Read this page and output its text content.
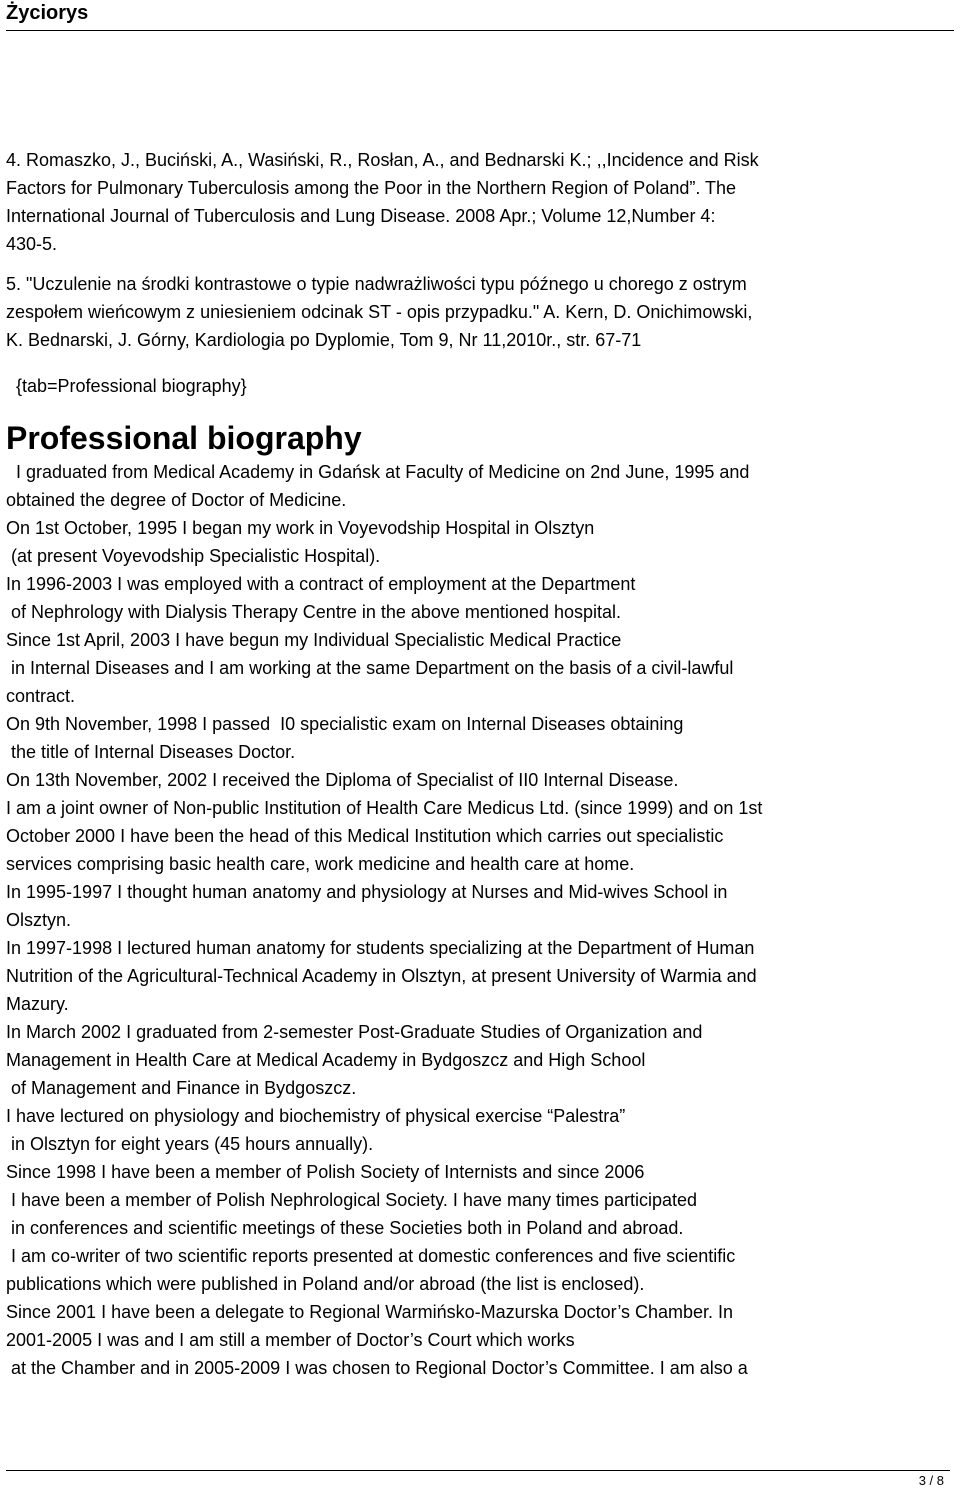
Życiorys
4. Romaszko, J., Buciński, A., Wasiński, R., Rosłan, A., and Bednarski K.; ,,Incidence and Risk
Factors for Pulmonary Tuberculosis among the Poor in the Northern Region of Poland”. The
International Journal of Tuberculosis and Lung Disease. 2008 Apr.; Volume 12,Number 4:
430-5.
5. "Uczulenie na środki kontrastowe o typie nadwrażliwości typu późnego u chorego z ostrym
zespołem wieńcowym z uniesieniem odcinak ST - opis przypadku." A. Kern, D. Onichimowski,
K. Bednarski, J. Górny, Kardiologia po Dyplomie, Tom 9, Nr 11,2010r., str. 67-71
{tab=Professional biography}
Professional biography
I graduated from Medical Academy in Gdańsk at Faculty of Medicine on 2nd June, 1995 and
obtained the degree of Doctor of Medicine.
On 1st October, 1995 I began my work in Voyevodship Hospital in Olsztyn
(at present Voyevodship Specialistic Hospital).
In 1996-2003 I was employed with a contract of employment at the Department
of Nephrology with Dialysis Therapy Centre in the above mentioned hospital.
Since 1st April, 2003 I have begun my Individual Specialistic Medical Practice
in Internal Diseases and I am working at the same Department on the basis of a civil-lawful
contract.
On 9th November, 1998 I passed  I0 specialistic exam on Internal Diseases obtaining
the title of Internal Diseases Doctor.
On 13th November, 2002 I received the Diploma of Specialist of II0 Internal Disease.
I am a joint owner of Non-public Institution of Health Care Medicus Ltd. (since 1999) and on 1st
October 2000 I have been the head of this Medical Institution which carries out specialistic
services comprising basic health care, work medicine and health care at home.
In 1995-1997 I thought human anatomy and physiology at Nurses and Mid-wives School in
Olsztyn.
In 1997-1998 I lectured human anatomy for students specializing at the Department of Human
Nutrition of the Agricultural-Technical Academy in Olsztyn, at present University of Warmia and
Mazury.
In March 2002 I graduated from 2-semester Post-Graduate Studies of Organization and
Management in Health Care at Medical Academy in Bydgoszcz and High School
of Management and Finance in Bydgoszcz.
I have lectured on physiology and biochemistry of physical exercise “Palestra”
in Olsztyn for eight years (45 hours annually).
Since 1998 I have been a member of Polish Society of Internists and since 2006
I have been a member of Polish Nephrological Society. I have many times participated
in conferences and scientific meetings of these Societies both in Poland and abroad.
I am co-writer of two scientific reports presented at domestic conferences and five scientific
publications which were published in Poland and/or abroad (the list is enclosed).
Since 2001 I have been a delegate to Regional Warmińsko-Mazurska Doctor’s Chamber. In
2001-2005 I was and I am still a member of Doctor’s Court which works
at the Chamber and in 2005-2009 I was chosen to Regional Doctor’s Committee. I am also a
3 / 8
